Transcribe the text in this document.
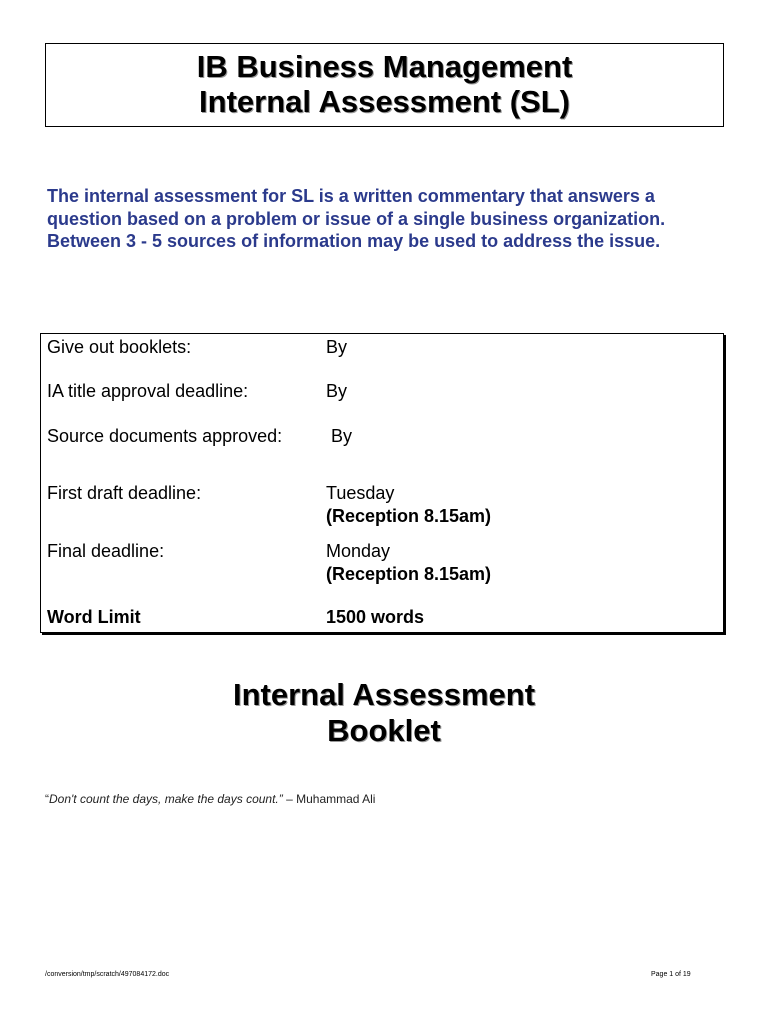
IB Business Management
Internal Assessment (SL)
The internal assessment for SL is a written commentary that answers a question based on a problem or issue of a single business organization. Between 3 - 5 sources of information may be used to address the issue.
Give out booklets:	By
IA title approval deadline:	By
Source documents approved:	By
First draft deadline:	Tuesday
(Reception 8.15am)
Final deadline:	Monday
(Reception 8.15am)
Word Limit	1500 words
Internal Assessment
Booklet
“Don't count the days, make the days count.” – Muhammad Ali
/conversion/tmp/scratch/497084172.doc	Page 1 of 19
